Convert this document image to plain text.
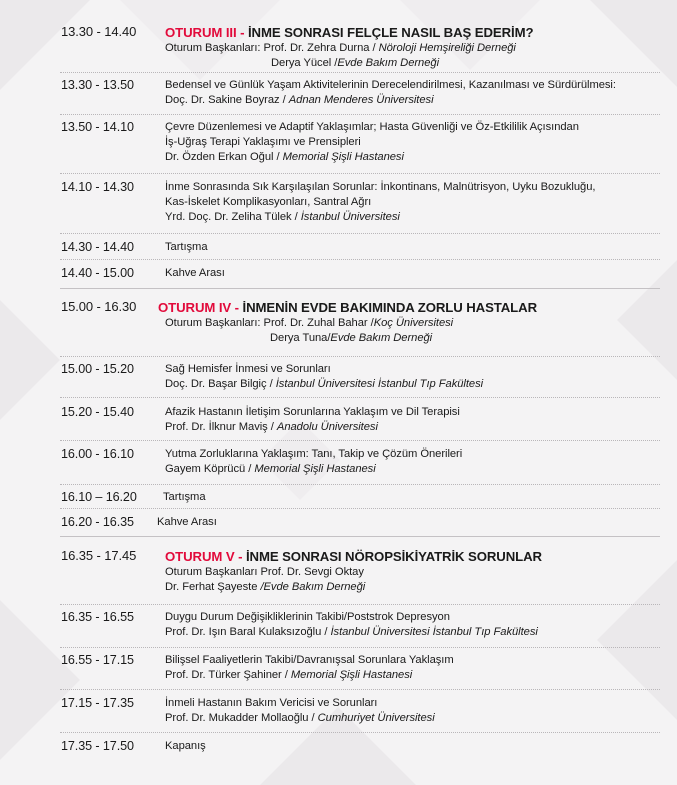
13.30 - 14.40 OTURUM III - İNME SONRASI FELÇLE NASIL BAŞ EDERİM?
Oturum Başkanları: Prof. Dr. Zehra Durna / Nöroloji Hemşireliği Derneği
Derya Yücel /Evde Bakım Derneği
13.30 - 13.50	Bedensel ve Günlük Yaşam Aktivitelerinin Derecelendirilmesi, Kazanılması ve Sürdürülmesi:
Doç. Dr. Sakine Boyraz / Adnan Menderes Üniversitesi
13.50 - 14.10	Çevre Düzenlemesi ve Adaptif Yaklaşımlar; Hasta Güvenliği ve Öz-Etkililik Açısından
İş-Uğraş Terapi Yaklaşımı ve Prensipleri
Dr. Özden Erkan Oğul / Memorial Şişli Hastanesi
14.10 - 14.30	İnme Sonrasında Sık Karşılaşılan Sorunlar: İnkontinans, Malnütrisyon, Uyku Bozukluğu,
Kas-İskelet Komplikasyonları, Santral Ağrı
Yrd. Doç. Dr. Zeliha Tülek / İstanbul Üniversitesi
14.30 - 14.40	Tartışma
14.40 - 15.00	Kahve Arası
15.00 - 16.30 OTURUM IV - İNMENİN EVDE BAKIMINDA ZORLU HASTALAR
Oturum Başkanları: Prof. Dr. Zuhal Bahar /Koç Üniversitesi
Derya Tuna/Evde Bakım Derneği
15.00 - 15.20	Sağ Hemisfer İnmesi ve Sorunları
Doç. Dr. Başar Bilgiç / İstanbul Üniversitesi İstanbul Tıp Fakültesi
15.20 - 15.40	Afazik Hastanın İletişim Sorunlarına Yaklaşım ve Dil Terapisi
Prof. Dr. İlknur Maviş / Anadolu Üniversitesi
16.00 - 16.10	Yutma Zorluklarına Yaklaşım: Tanı, Takip ve Çözüm Önerileri
Gayem Köprücü / Memorial Şişli Hastanesi
16.10 – 16.20 Tartışma
16.20 - 16.35 Kahve Arası
16.35 - 17.45 OTURUM V - İNME SONRASI NÖROPSİKİYATRİK SORUNLAR
Oturum Başkanları Prof. Dr. Sevgi Oktay
Dr. Ferhat Şayeste /Evde Bakım Derneği
16.35 - 16.55	Duygu Durum Değişikliklerinin Takibi/Poststrok Depresyon
Prof. Dr. Işın Baral Kulaksızoğlu / İstanbul Üniversitesi İstanbul Tıp Fakültesi
16.55 - 17.15	Bilişsel Faaliyetlerin Takibi/Davranışsal Sorunlara Yaklaşım
Prof. Dr. Türker Şahiner / Memorial Şişli Hastanesi
17.15 - 17.35	İnmeli Hastanın Bakım Vericisi ve Sorunları
Prof. Dr. Mukadder Mollaoğlu / Cumhuriyet Üniversitesi
17.35 - 17.50	Kapanış
